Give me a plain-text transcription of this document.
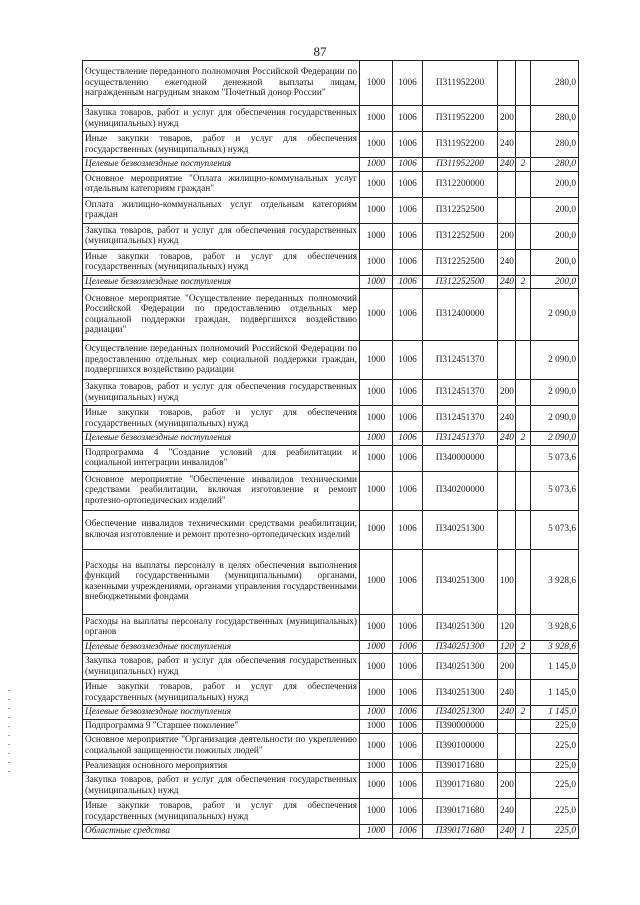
87
Осуществление переданного полномочия Российской Федерации по осуществлению ежегодной денежной выплаты лицам, награжденным нагрудным знаком "Почетный донор России"	1000	1006	П311952200			280,0
Закупка товаров, работ и услуг для обеспечения государственных (муниципальных) нужд	1000	1006	П311952200	200		280,0
Иные закупки товаров, работ и услуг для обеспечения государственных (муниципальных) нужд	1000	1006	П311952200	240		280,0
Целевые безвозмездные поступления	1000	1006	П311952200	240	2	280,0
Основное мероприятие "Оплата жилищно-коммунальных услуг отдельным категориям граждан"	1000	1006	П312200000			200,0
Оплата жилищно-коммунальных услуг отдельным категориям граждан	1000	1006	П312252500			200,0
Закупка товаров, работ и услуг для обеспечения государственных (муниципальных) нужд	1000	1006	П312252500	200		200,0
Иные закупки товаров, работ и услуг для обеспечения государственных (муниципальных) нужд	1000	1006	П312252500	240		200,0
Целевые безвозмездные поступления	1000	1006	П312252500	240	2	200,0
Основное мероприятие "Осуществление переданных полномочий Российской Федерации по предоставлению отдельных мер социальной поддержки граждан, подвергшихся воздействию радиации"	1000	1006	П312400000			2 090,0
Осуществление переданных полномочий Российской Федерации по предоставлению отдельных мер социальной поддержки граждан, подвергшихся воздействию радиации	1000	1006	П312451370			2 090,0
Закупка товаров, работ и услуг для обеспечения государственных (муниципальных) нужд	1000	1006	П312451370	200		2 090,0
Иные закупки товаров, работ и услуг для обеспечения государственных (муниципальных) нужд	1000	1006	П312451370	240		2 090,0
Целевые безвозмездные поступления	1000	1006	П312451370	240	2	2 090,0
Подпрограмма 4 "Создание условий для реабилитации и социальной интеграции инвалидов"	1000	1006	П340000000			5 073,6
Основное мероприятие "Обеспечение инвалидов техническими средствами реабилитации, включая изготовление и ремонт протезно-ортопедических изделий"	1000	1006	П340200000			5 073,6
Обеспечение инвалидов техническими средствами реабилитации, включая изготовление и ремонт протезно-ортопедических изделий	1000	1006	П340251300			5 073,6
Расходы на выплаты персоналу в целях обеспечения выполнения функций государственными (муниципальными) органами, казенными учреждениями, органами управления государственными внебюджетными фондами	1000	1006	П340251300	100		3 928,6
Расходы на выплаты персоналу государственных (муниципальных) органов	1000	1006	П340251300	120		3 928,6
Целевые безвозмездные поступления	1000	1006	П340251300	120	2	3 928,6
Закупка товаров, работ и услуг для обеспечения государственных (муниципальных) нужд	1000	1006	П340251300	200		1 145,0
Иные закупки товаров, работ и услуг для обеспечения государственных (муниципальных) нужд	1000	1006	П340251300	240		1 145,0
Целевые безвозмездные поступления	1000	1006	П340251300	240	2	1 145,0
Подпрограмма 9 "Старшее поколение"	1000	1006	П390000000			225,0
Основное мероприятие "Организация деятельности по укреплению социальной защищенности пожилых людей"	1000	1006	П390100000			225,0
Реализация основного мероприятия	1000	1006	П390171680			225,0
Закупка товаров, работ и услуг для обеспечения государственных (муниципальных) нужд	1000	1006	П390171680	200		225,0
Иные закупки товаров, работ и услуг для обеспечения государственных (муниципальных) нужд	1000	1006	П390171680	240		225,0
Областные средства	1000	1006	П390171680	240	1	225,0
